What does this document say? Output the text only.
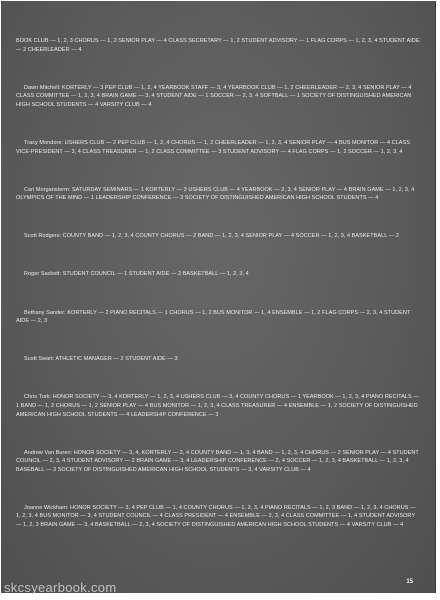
BOOK CLUB — 1, 2, 3 CHORUS — 1, 2 SENIOR PLAY — 4 CLASS SECRETARY — 1, 2 STUDENT ADVISORY — 1 FLAG CORPS — 1, 2, 3, 4 STUDENT AIDE — 2 CHEERLEADER — 4

Dawn Mitchell: KORTERLY — 3 PEP CLUB — 1, 2, 4 YEARBOOK STAFF — 3, 4 YEARBOOK CLUB — 1, 2 CHEERLEADER — 2, 3, 4 SENIOR PLAY — 4 CLASS COMMITTEE — 1, 2, 3, 4 BRAIN GAME — 3, 4 STUDENT AIDE — 1 SOCCER — 2, 3, 4 SOFTBALL — 1 SOCIETY OF DISTINGUISHED AMERICAN HIGH SCHOOL STUDENTS — 4 VARSITY CLUB — 4

Tracy Mondore: USHERS CLUB — 2 PEP CLUB — 1, 2, 4 CHORUS — 1, 2 CHEERLEADER — 1, 2, 3, 4 SENIOR PLAY — 4 BUS MONITOR — 4 CLASS VICE-PRESIDENT — 3, 4 CLASS TREASURER — 1, 2 CLASS COMMITTEE — 3 STUDENT ADVISORY — 4 FLAG CORPS — 1, 2 SOCCER — 1, 2, 3, 4

Carl Morgansterm: SATURDAY SEMINARS — 1 KORTERLY — 3 USHERS CLUB — 4 YEARBOOK — 2, 3, 4 SENIOR PLAY — 4 BRAIN GAME — 1, 2, 3, 4 OLYMPICS OF THE MIND — 1 LEADERSHIP CONFERENCE — 3 SOCIETY OF DISTINGUISHED AMERICAN HIGH SCHOOL STUDENTS — 4

Scott Rodgers: COUNTY BAND — 1, 2, 3, 4 COUNTY CHORUS — 2 BAND — 1, 2, 3, 4 SENIOR PLAY — 4 SOCCER — 1, 2, 3, 4 BASKETBALL — 2

Roger Sackett: STUDENT COUNCIL — 1 STUDENT AIDE — 2 BASKETBALL — 1, 2, 3, 4

Bethany Sander: KORTERLY — 2 PIANO RECITALS — 1 CHORUS — 1, 2 BUS MONITOR — 1, 4 ENSEMBLE — 1, 2 FLAG CORPS — 2, 3, 4 STUDENT AIDE — 2, 3

Scott Swart: ATHLETIC MANAGER — 2 STUDENT AIDE — 3

Chris Turk: HONOR SOCIETY — 3, 4 KORTERLY — 1, 2, 3, 4 USHERS CLUB — 3, 4 COUNTY CHORUS — 1 YEARBOOK — 1, 2, 3, 4 PIANO RECITALS — 1 BAND — 1, 2 CHORUS — 1, 2 SENIOR PLAY — 4 BUS MONITOR — 1, 2, 3, 4 CLASS TREASURER — 4 ENSEMBLE — 1, 2 SOCIETY OF DISTINGUISHED AMERICAN HIGH SCHOOL STUDENTS — 4 LEADERSHIP CONFERENCE — 3

Andrew Van Buren: HONOR SOCIETY — 3, 4, KORTERLY — 2, 4 COUNTY BAND — 1, 3, 4 BAND — 1, 2, 3, 4 CHORUS — 2 SENIOR PLAY — 4 STUDENT COUNCIL — 2, 3, 4 STUDENT ADVISORY — 2 BRAIN GAME — 3, 4 LEADERSHIP CONFERENCE — 2, 4 SOCCER — 1, 2, 3, 4 BASKETBALL — 1, 2, 3, 4 BASEBALL — 3 SOCIETY OF DISTINGUISHED AMERICAN HIGH SCHOOL STUDENTS — 3, 4 VARSITY CLUB — 4

Joanne Wickham: HONOR SOCIETY — 3, 4 PEP CLUB — 1, 4 COUNTY CHORUS — 1, 2, 3, 4 PIANO RECITALS — 1, 2, 3 BAND — 1, 2, 3, 4 CHORUS — 1, 2, 3, 4 BUS MONITOR — 3, 4 STUDENT COUNCIL — 4 CLASS PRESIDENT — 4 ENSEMBLE — 2, 3, 4 CLASS COMMITTEE — 1, 4 STUDENT ADVISORY — 1, 2, 3 BRAIN GAME — 3, 4 BASKETBALL — 2, 3, 4 SOCIETY OF DISTINGUISHED AMERICAN HIGH SCHOOL STUDENTS — 4 VARSITY CLUB — 4

15
skcsyearbook.com
